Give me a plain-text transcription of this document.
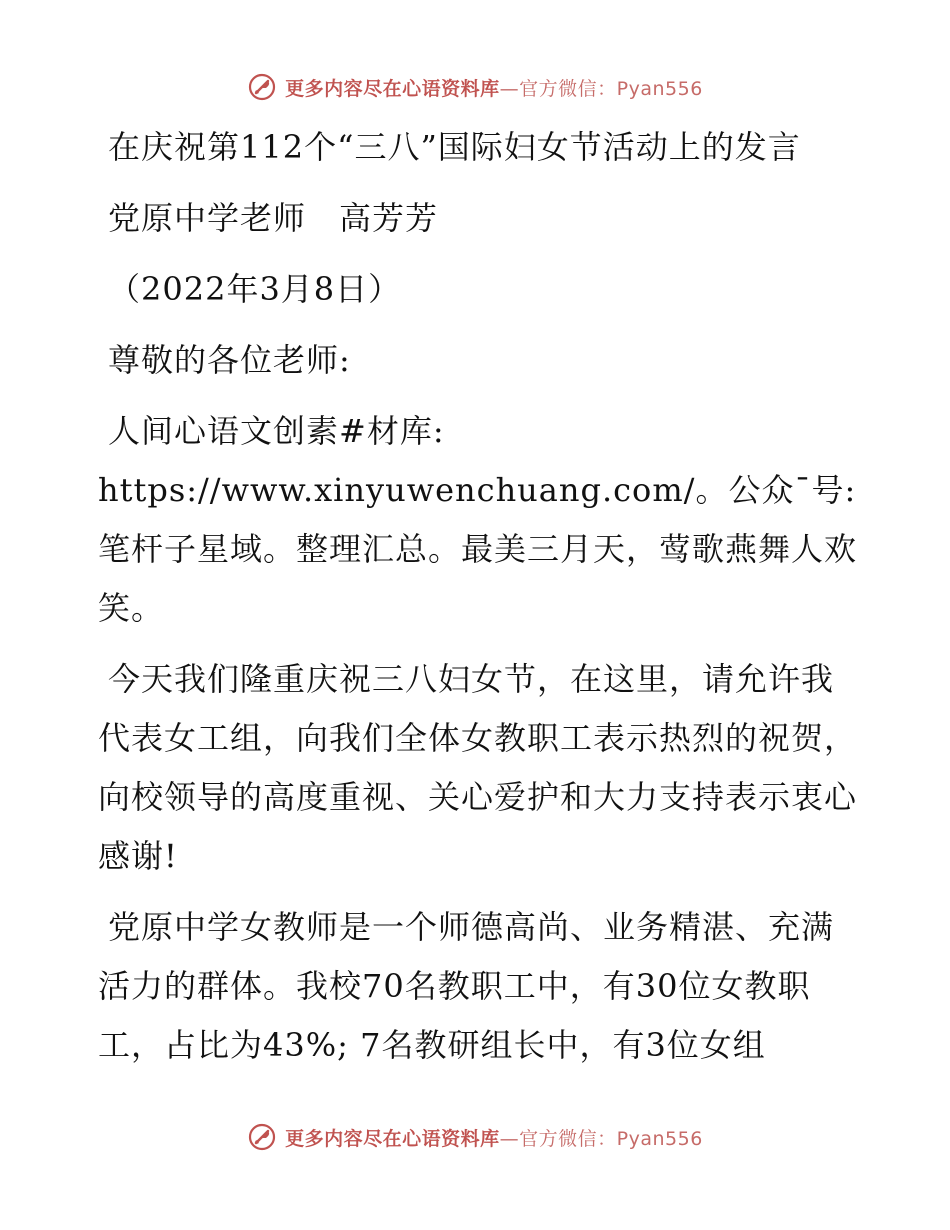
更多内容尽在心语资料库—官方微信：Pyan556

在庆祝第112个“三八”国际妇女节活动上的发言

党原中学老师　高芳芳

（2022年3月8日）

尊敬的各位老师:

人间心语文创素#材库: https://www.xinyuwenchuang.com/。公众¯号: 笔杆子星域。整理汇总。最美三月天，莺歌燕舞人欢笑。

今天我们隆重庆祝三八妇女节，在这里，请允许我代表女工组，向我们全体女教职工表示热烈的祝贺，向校领导的高度重视、关心爱护和大力支持表示衷心感谢!

党原中学女教师是一个师德高尚、业务精湛、充满活力的群体。我校70名教职工中，有30位女教职工，占比为43%; 7名教研组长中，有3位女组

更多内容尽在心语资料库—官方微信：Pyan556
